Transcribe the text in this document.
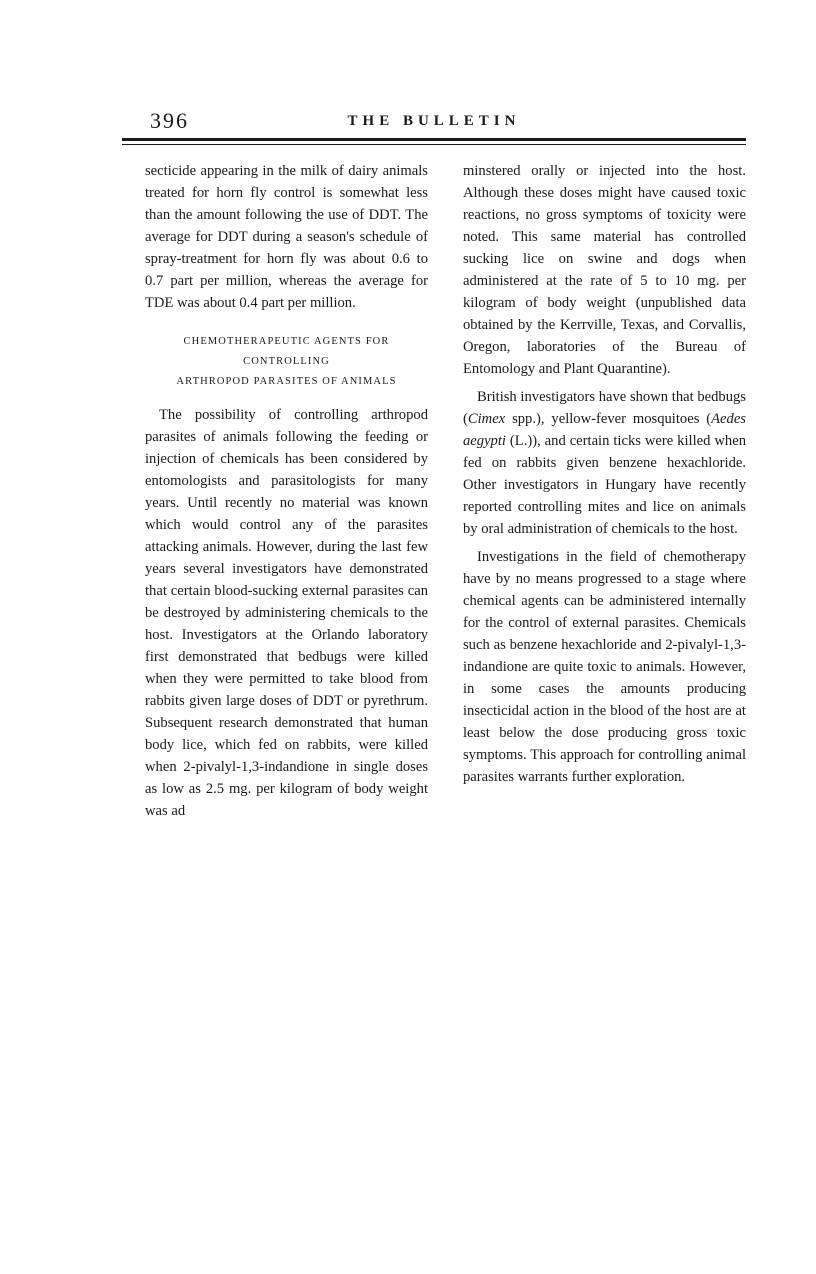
396	THE BULLETIN

secticide appearing in the milk of dairy animals treated for horn fly control is somewhat less than the amount following the use of DDT. The average for DDT during a season's schedule of spray-treatment for horn fly was about 0.6 to 0.7 part per million, whereas the average for TDE was about 0.4 part per million.

CHEMOTHERAPEUTIC AGENTS FOR CONTROLLING
ARTHROPOD PARASITES OF ANIMALS

The possibility of controlling arthropod parasites of animals following the feeding or injection of chemicals has been considered by entomologists and parasitologists for many years. Until recently no material was known which would control any of the parasites attacking animals. However, during the last few years several investigators have demonstrated that certain blood-sucking external parasites can be destroyed by administering chemicals to the host. Investigators at the Orlando laboratory first demonstrated that bedbugs were killed when they were permitted to take blood from rabbits given large doses of DDT or pyrethrum. Subsequent research demonstrated that human body lice, which fed on rabbits, were killed when 2-pivalyl-1,3-indandione in single doses as low as 2.5 mg. per kilogram of body weight was ad

minstered orally or injected into the host. Although these doses might have caused toxic reactions, no gross symptoms of toxicity were noted. This same material has controlled sucking lice on swine and dogs when administered at the rate of 5 to 10 mg. per kilogram of body weight (unpublished data obtained by the Kerrville, Texas, and Corvallis, Oregon, laboratories of the Bureau of Entomology and Plant Quarantine).

British investigators have shown that bedbugs (Cimex spp.), yellow-fever mosquitoes (Aedes aegypti (L.)), and certain ticks were killed when fed on rabbits given benzene hexachloride. Other investigators in Hungary have recently reported controlling mites and lice on animals by oral administration of chemicals to the host.

Investigations in the field of chemotherapy have by no means progressed to a stage where chemical agents can be administered internally for the control of external parasites. Chemicals such as benzene hexachloride and 2-pivalyl-1,3-indandione are quite toxic to animals. However, in some cases the amounts producing insecticidal action in the blood of the host are at least below the dose producing gross toxic symptoms. This approach for controlling animal parasites warrants further exploration.
